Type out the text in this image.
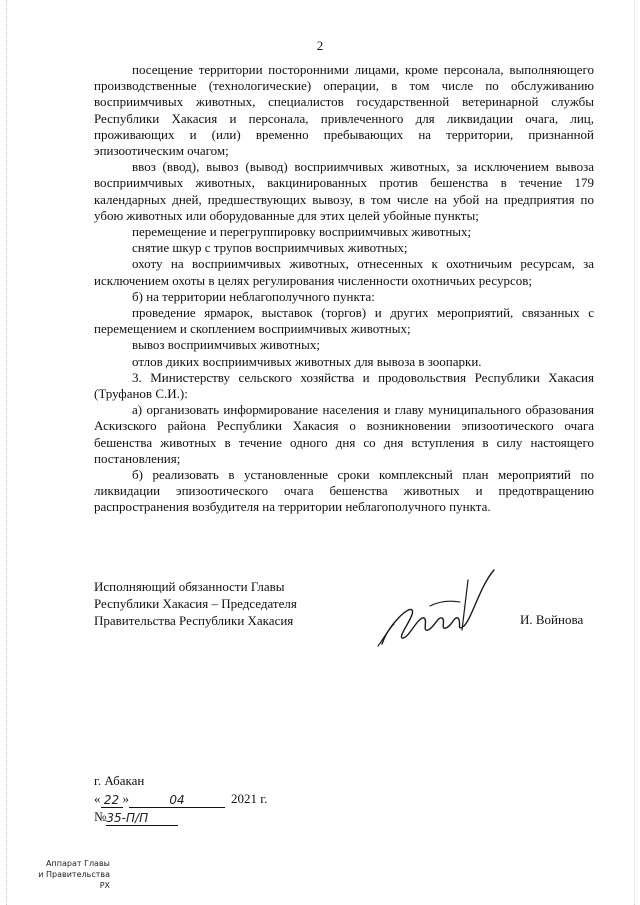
2

посещение территории посторонними лицами, кроме персонала, выполняющего производственные (технологические) операции, в том числе по обслуживанию восприимчивых животных, специалистов государственной ветеринарной службы Республики Хакасия и персонала, привлеченного для ликвидации очага, лиц, проживающих и (или) временно пребывающих на территории, признанной эпизоотическим очагом;

ввоз (ввод), вывоз (вывод) восприимчивых животных, за исключением вывоза восприимчивых животных, вакцинированных против бешенства в течение 179 календарных дней, предшествующих вывозу, в том числе на убой на предприятия по убою животных или оборудованные для этих целей убойные пункты;

перемещение и перегруппировку восприимчивых животных;

снятие шкур с трупов восприимчивых животных;

охоту на восприимчивых животных, отнесенных к охотничьим ресурсам, за исключением охоты в целях регулирования численности охотничьих ресурсов;

б) на территории неблагополучного пункта:

проведение ярмарок, выставок (торгов) и других мероприятий, связанных с перемещением и скоплением восприимчивых животных;

вывоз восприимчивых животных;

отлов диких восприимчивых животных для вывоза в зоопарки.

3. Министерству сельского хозяйства и продовольствия Республики Хакасия (Труфанов С.И.):

а) организовать информирование населения и главу муниципального образования Аскизского района Республики Хакасия о возникновении эпизоотического очага бешенства животных в течение одного дня со дня вступления в силу настоящего постановления;

б) реализовать в установленные сроки комплексный план мероприятий по ликвидации эпизоотического очага бешенства животных и предотвращению распространения возбудителя на территории неблагополучного пункта.

Исполняющий обязанности Главы
Республики Хакасия – Председателя
Правительства Республики Хакасия	И. Войнова
г. Абакан
« 22 »	04	2021 г.
№ 35-П/П
Аппарат Главы
и Правительства РХ
